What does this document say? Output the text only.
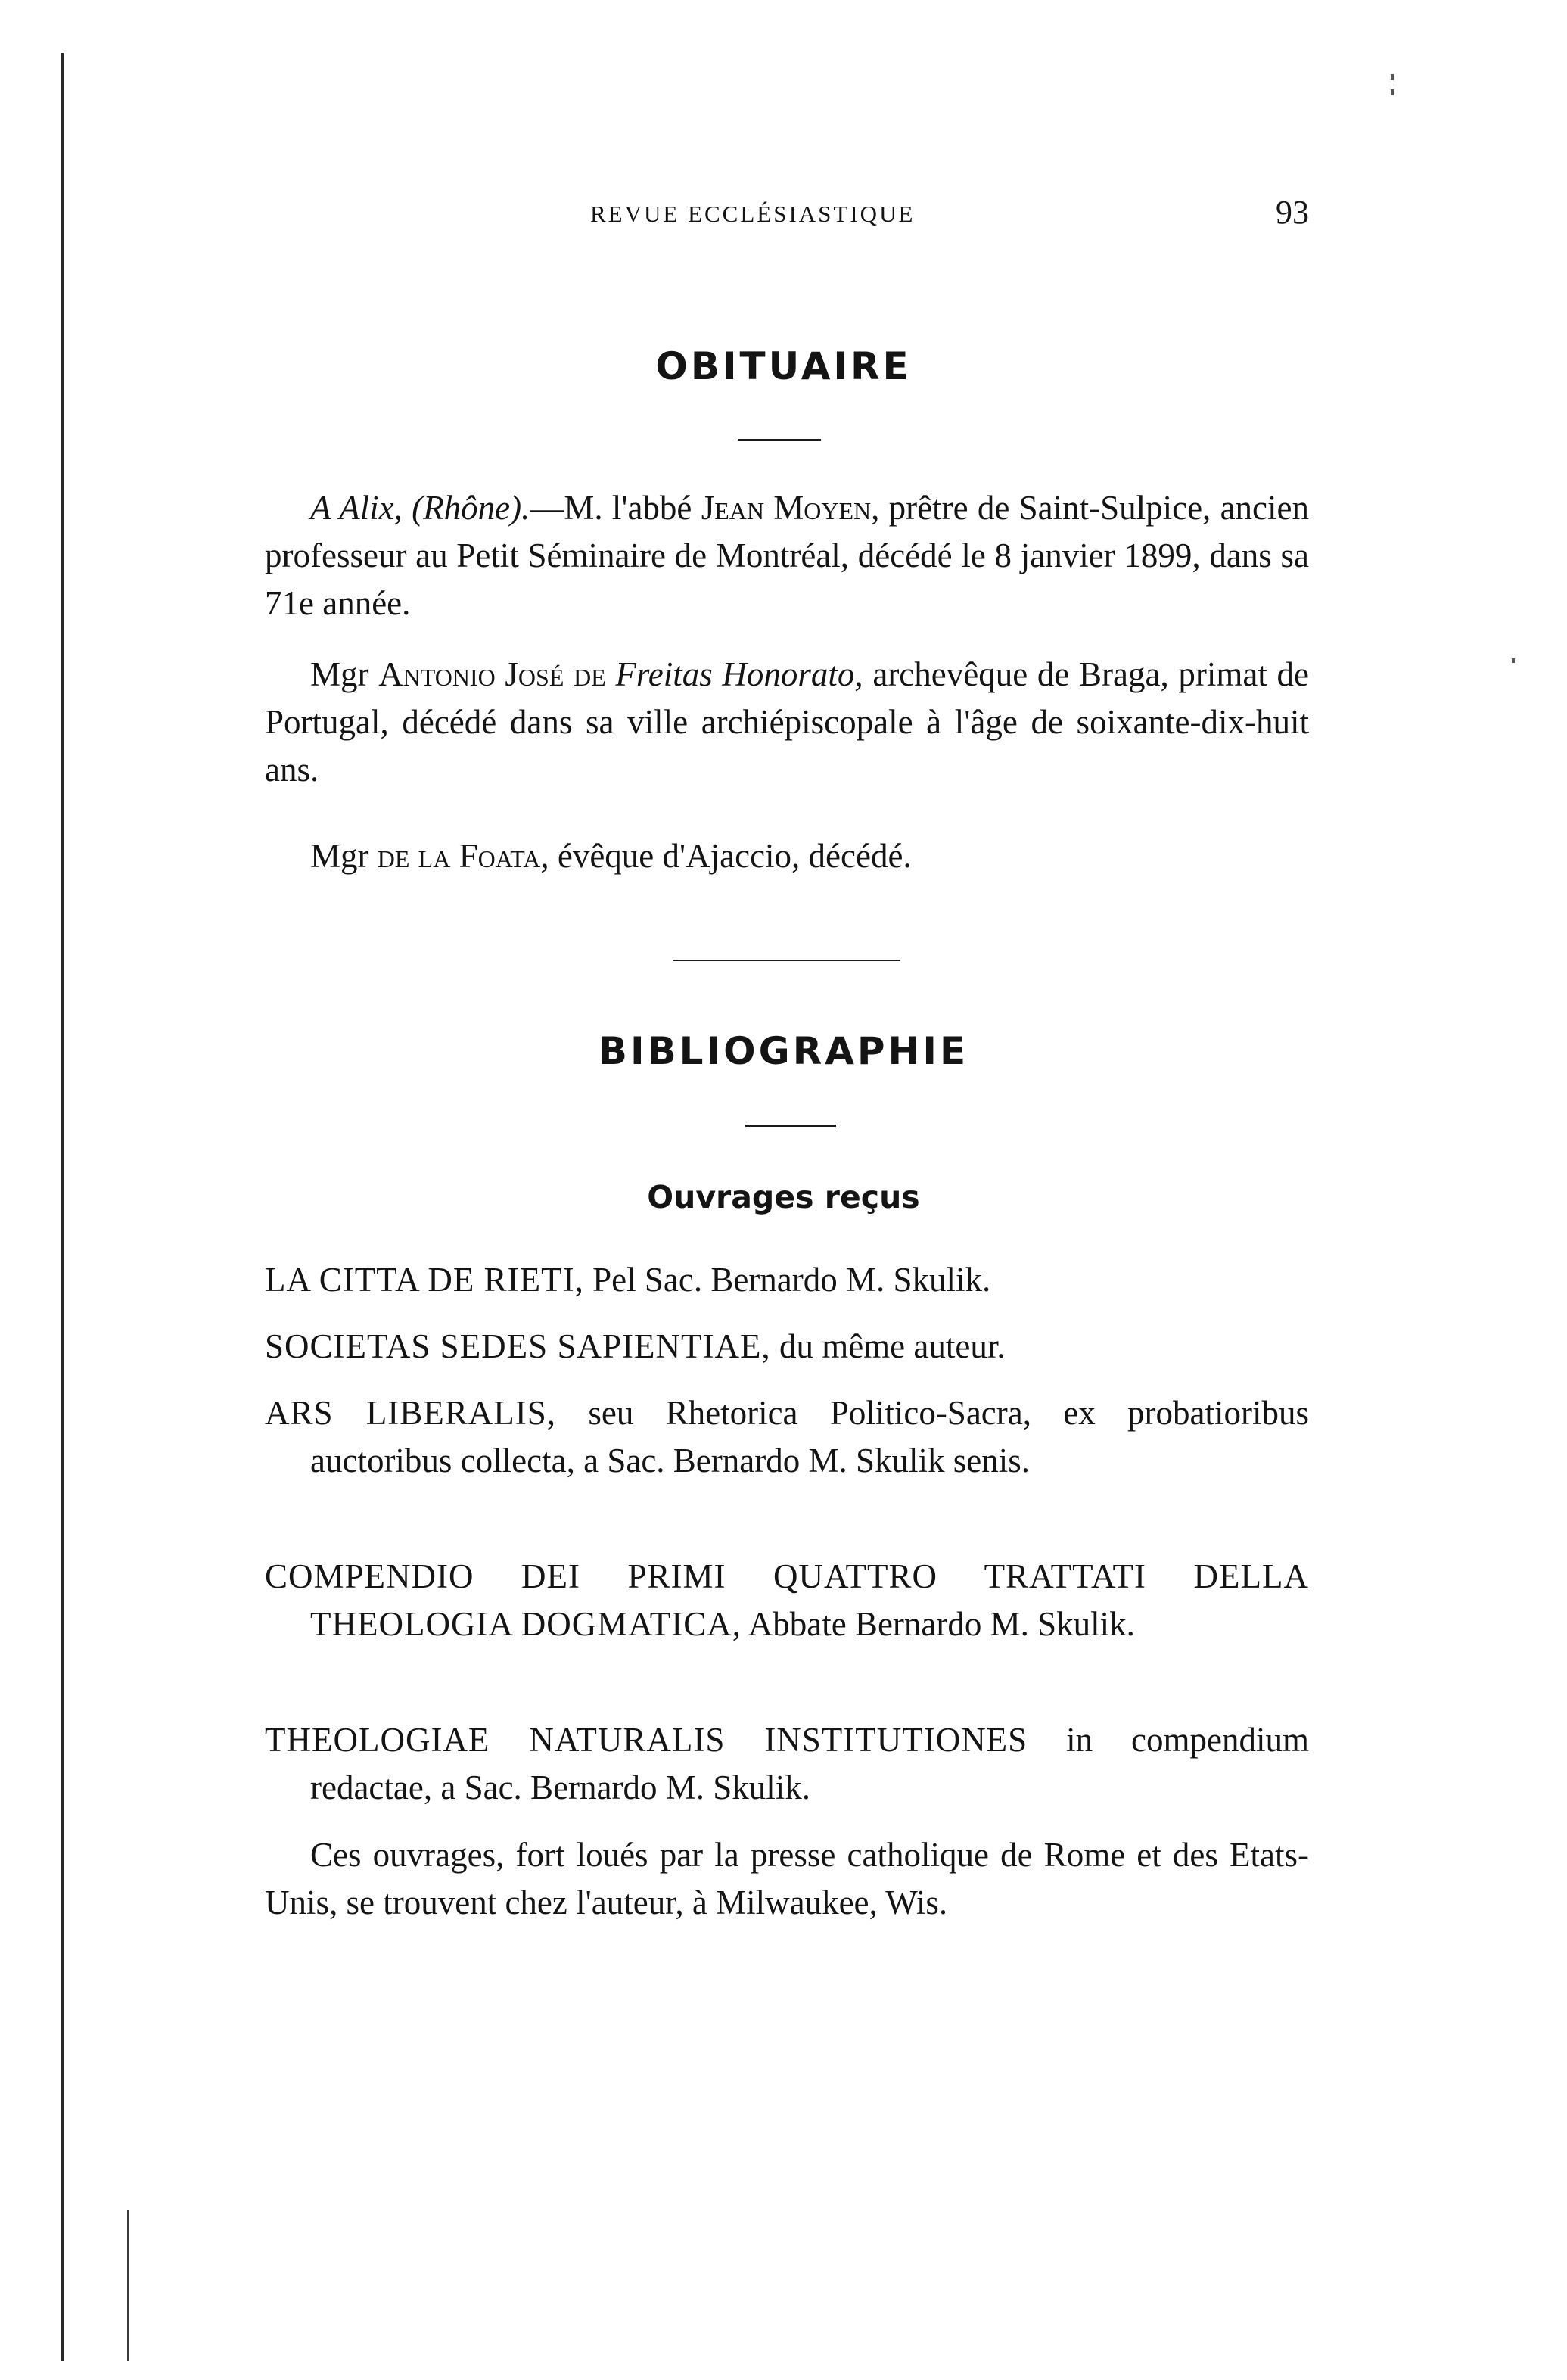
REVUE ECCLÉSIASTIQUE	93
OBITUAIRE

A Alix, (Rhône).—M. l'abbé Jean Moyen, prêtre de Saint-Sulpice, ancien professeur au Petit Séminaire de Montréal, décédé le 8 janvier 1899, dans sa 71e année.

Mgr Antonio José de Freitas Honorato, archevêque de Braga, primat de Portugal, décédé dans sa ville archiépiscopale à l'âge de soixante-dix-huit ans.

Mgr de la Foata, évêque d'Ajaccio, décédé.

BIBLIOGRAPHIE
Ouvrages reçus

LA CITTA DE RIETI, Pel Sac. Bernardo M. Skulik.

SOCIETAS SEDES SAPIENTIAE, du même auteur.

ARS LIBERALIS, seu Rhetorica Politico-Sacra, ex probatioribus auctoribus collecta, a Sac. Bernardo M. Skulik senis.

COMPENDIO DEI PRIMI QUATTRO TRATTATI DELLA THEOLOGIA DOGMATICA, Abbate Bernardo M. Skulik.

THEOLOGIAE NATURALIS INSTITUTIONES in compendium redactae, a Sac. Bernardo M. Skulik.

Ces ouvrages, fort loués par la presse catholique de Rome et des Etats-Unis, se trouvent chez l'auteur, à Milwaukee, Wis.
